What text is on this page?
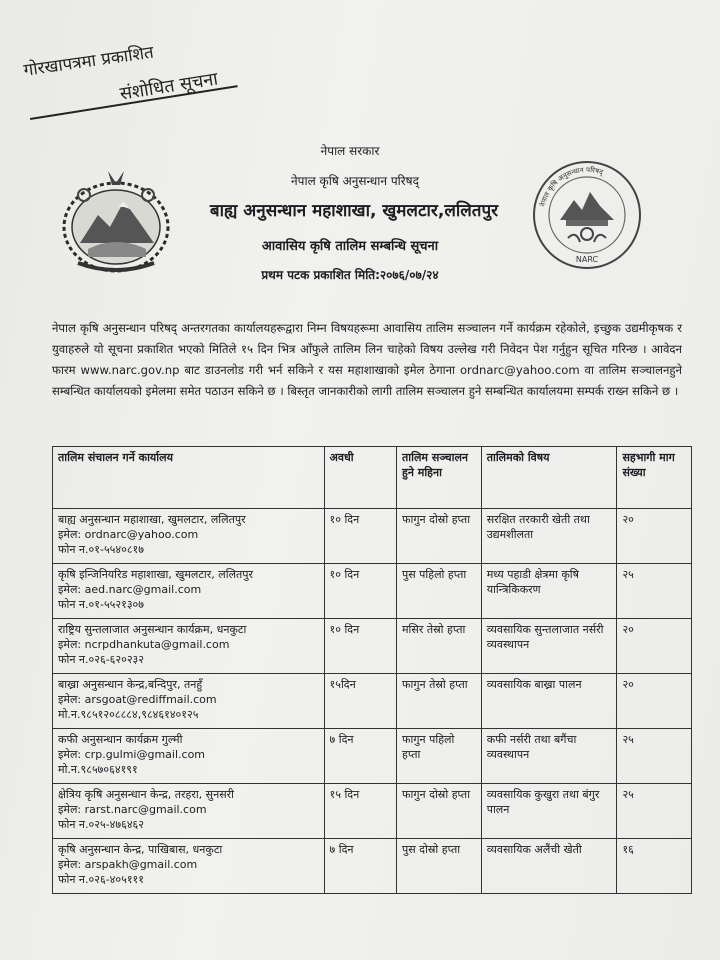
गोरखापत्रमा प्रकाशित
संशोधित सूचना
नेपाल कृषि अनुसन्धान परिषद्
NARC
नेपाल सरकार
नेपाल कृषि अनुसन्धान परिषद्
बाह्य अनुसन्धान महाशाखा, खुमलटार,ललितपुर
आवासिय कृषि तालिम सम्बन्धि सूचना
प्रथम पटक प्रकाशित मिति:२०७६/०७/२४
नेपाल कृषि अनुसन्धान परिषद् अन्तरगतका कार्यालयहरूद्वारा निम्न विषयहरूमा आवासिय तालिम सञ्चालन गर्ने कार्यक्रम रहेकोले, इच्छुक उद्यमीकृषक र युवाहरुले यो सूचना प्रकाशित भएको मितिले १५ दिन भित्र आँफुले तालिम लिन चाहेको विषय उल्लेख गरी निवेदन पेश गर्नुहुन सूचित गरिन्छ । आवेदन फारम www.narc.gov.np बाट डाउनलोड गरी भर्न सकिने र यस महाशाखाको इमेल ठेगाना ordnarc@yahoo.com वा तालिम सञ्चालनहुने सम्बन्धित कार्यालयको इमेलमा समेत पठाउन सकिने छ । बिस्तृत जानकारीको लागी तालिम सञ्चालन हुने सम्बन्धित कार्यालयमा सम्पर्क राख्न सकिने छ ।
तालिम संचालन गर्ने कार्यालय	अवधी	तालिम सञ्चालन हुने महिना	तालिमको विषय	सहभागी माग संख्या

बाह्य अनुसन्धान महाशाखा, खुमलटार, ललितपुर
इमेल: ordnarc@yahoo.com
फोन न.०१-५५४०८१७	१० दिन	फागुन दोस्रो हप्ता	सरक्षित तरकारी खेती तथा उद्यमशीलता	२०

कृषि इन्जिनियरिड महाशाखा, खुमलटार, ललितपुर
इमेल: aed.narc@gmail.com
फोन न.०१-५५२१३०७	१० दिन	पुस पहिलो हप्ता	मध्य पहाडी क्षेत्रमा कृषि यान्त्रिकिकरण	२५

राष्ट्रिय सुन्तलाजात अनुसन्धान कार्यक्रम, धनकुटा
इमेल: ncrpdhankuta@gmail.com
फोन न.०२६-६२०२३२	१० दिन	मसिर तेस्रो हप्ता	व्यवसायिक सुन्तलाजात नर्सरी व्यवस्थापन	२०

बाख्रा अनुसन्धान केन्द्र,बन्दिपुर, तनहुँ
इमेल: arsgoat@rediffmail.com
मो.न.९८५१२०८८८४,९८४६१४०१२५	१५दिन	फागुन तेस्रो हप्ता	व्यवसायिक बाख्रा पालन	२०

कफी अनुसन्धान कार्यक्रम गुल्मी
इमेल: crp.gulmi@gmail.com
मो.न.९८५७०६४१९१	७ दिन	फागुन पहिलो हप्ता	कफी नर्सरी तथा बगैंचा व्यवस्थापन	२५

क्षेत्रिय कृषि अनुसन्धान केन्द्र, तरहरा, सुनसरी
इमेल: rarst.narc@gmail.com
फोन न.०२५-४७६४६२	१५ दिन	फागुन दोस्रो हप्ता	व्यवसायिक कुखुरा तथा बंगुर पालन	२५

कृषि अनुसन्धान केन्द्र, पाखिबास, धनकुटा
इमेल: arspakh@gmail.com
फोन न.०२६-४०५१११	७ दिन	पुस दोस्रो हप्ता	व्यवसायिक अलैंची खेती	१६
